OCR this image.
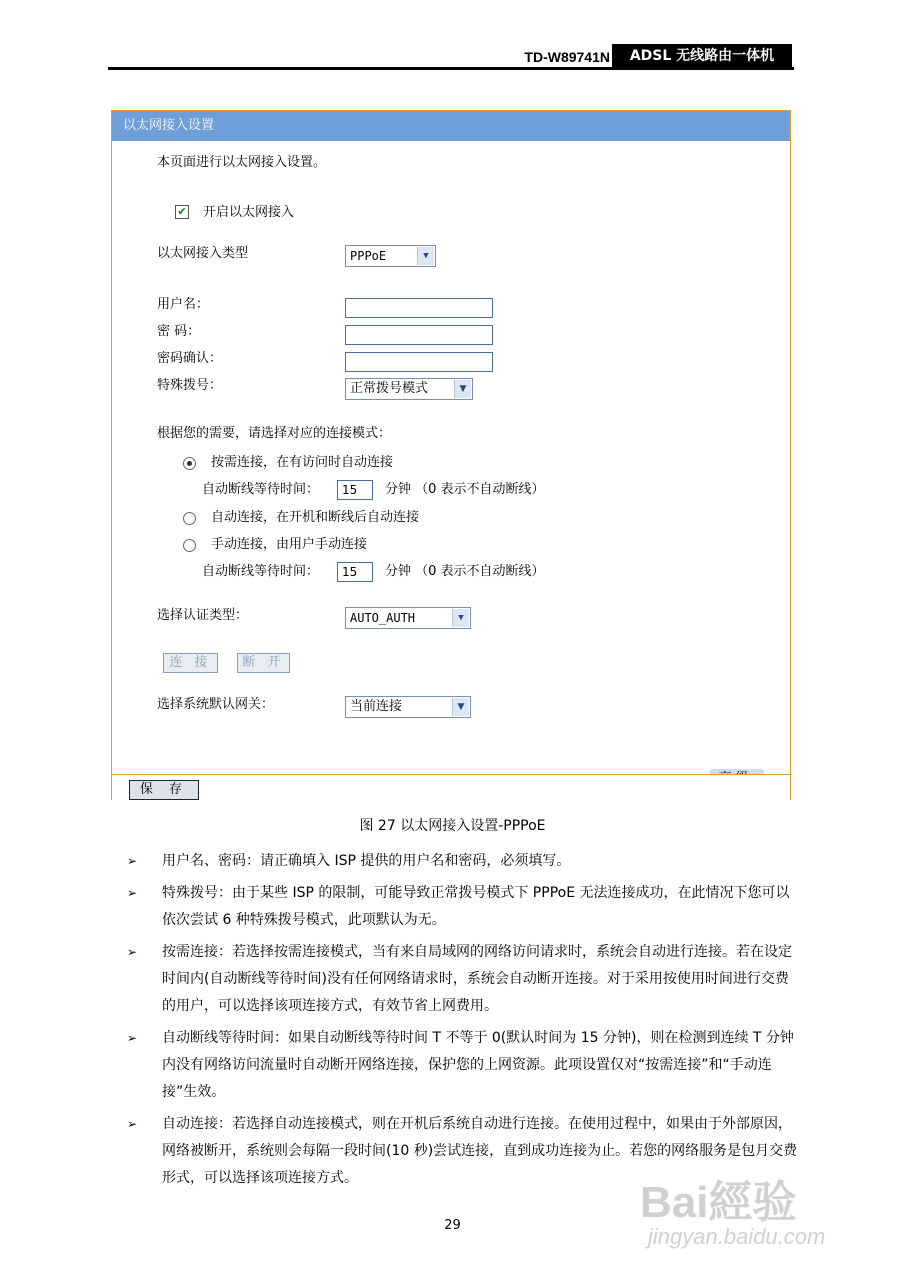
TD-W89741N	ADSL 无线路由一体机
以太网接入设置
本页面进行以太网接入设置。
✔ 开启以太网接入
以太网接入类型	PPPoE	▼
用户名：
密 码：
密码确认：
特殊拨号：	正常拨号模式	▼
根据您的需要，请选择对应的连接模式：
按需连接，在有访问时自动连接
自动断线等待时间：	15	分钟 （0 表示不自动断线）
自动连接，在开机和断线后自动连接
手动连接，由用户手动连接
自动断线等待时间：	15	分钟 （0 表示不自动断线）
选择认证类型：	AUTO_AUTH	▼
连 接	断 开
选择系统默认网关：	当前连接	▼
保 存
图 27 以太网接入设置-PPPoE
➢ 用户名、密码：请正确填入 ISP 提供的用户名和密码，必须填写。
➢ 特殊拨号：由于某些 ISP 的限制，可能导致正常拨号模式下 PPPoE 无法连接成功，在此情况下您可以依次尝试 6 种特殊拨号模式，此项默认为无。
➢ 按需连接：若选择按需连接模式，当有来自局域网的网络访问请求时，系统会自动进行连接。若在设定时间内(自动断线等待时间)没有任何网络请求时，系统会自动断开连接。对于采用按使用时间进行交费的用户，可以选择该项连接方式，有效节省上网费用。
➢ 自动断线等待时间：如果自动断线等待时间 T 不等于 0(默认时间为 15 分钟)，则在检测到连续 T 分钟内没有网络访问流量时自动断开网络连接，保护您的上网资源。此项设置仅对“按需连接”和“手动连接”生效。
➢ 自动连接：若选择自动连接模式，则在开机后系统自动进行连接。在使用过程中，如果由于外部原因，网络被断开，系统则会每隔一段时间(10 秒)尝试连接，直到成功连接为止。若您的网络服务是包月交费形式，可以选择该项连接方式。
29	Bai經验
jingyan.baidu.com
